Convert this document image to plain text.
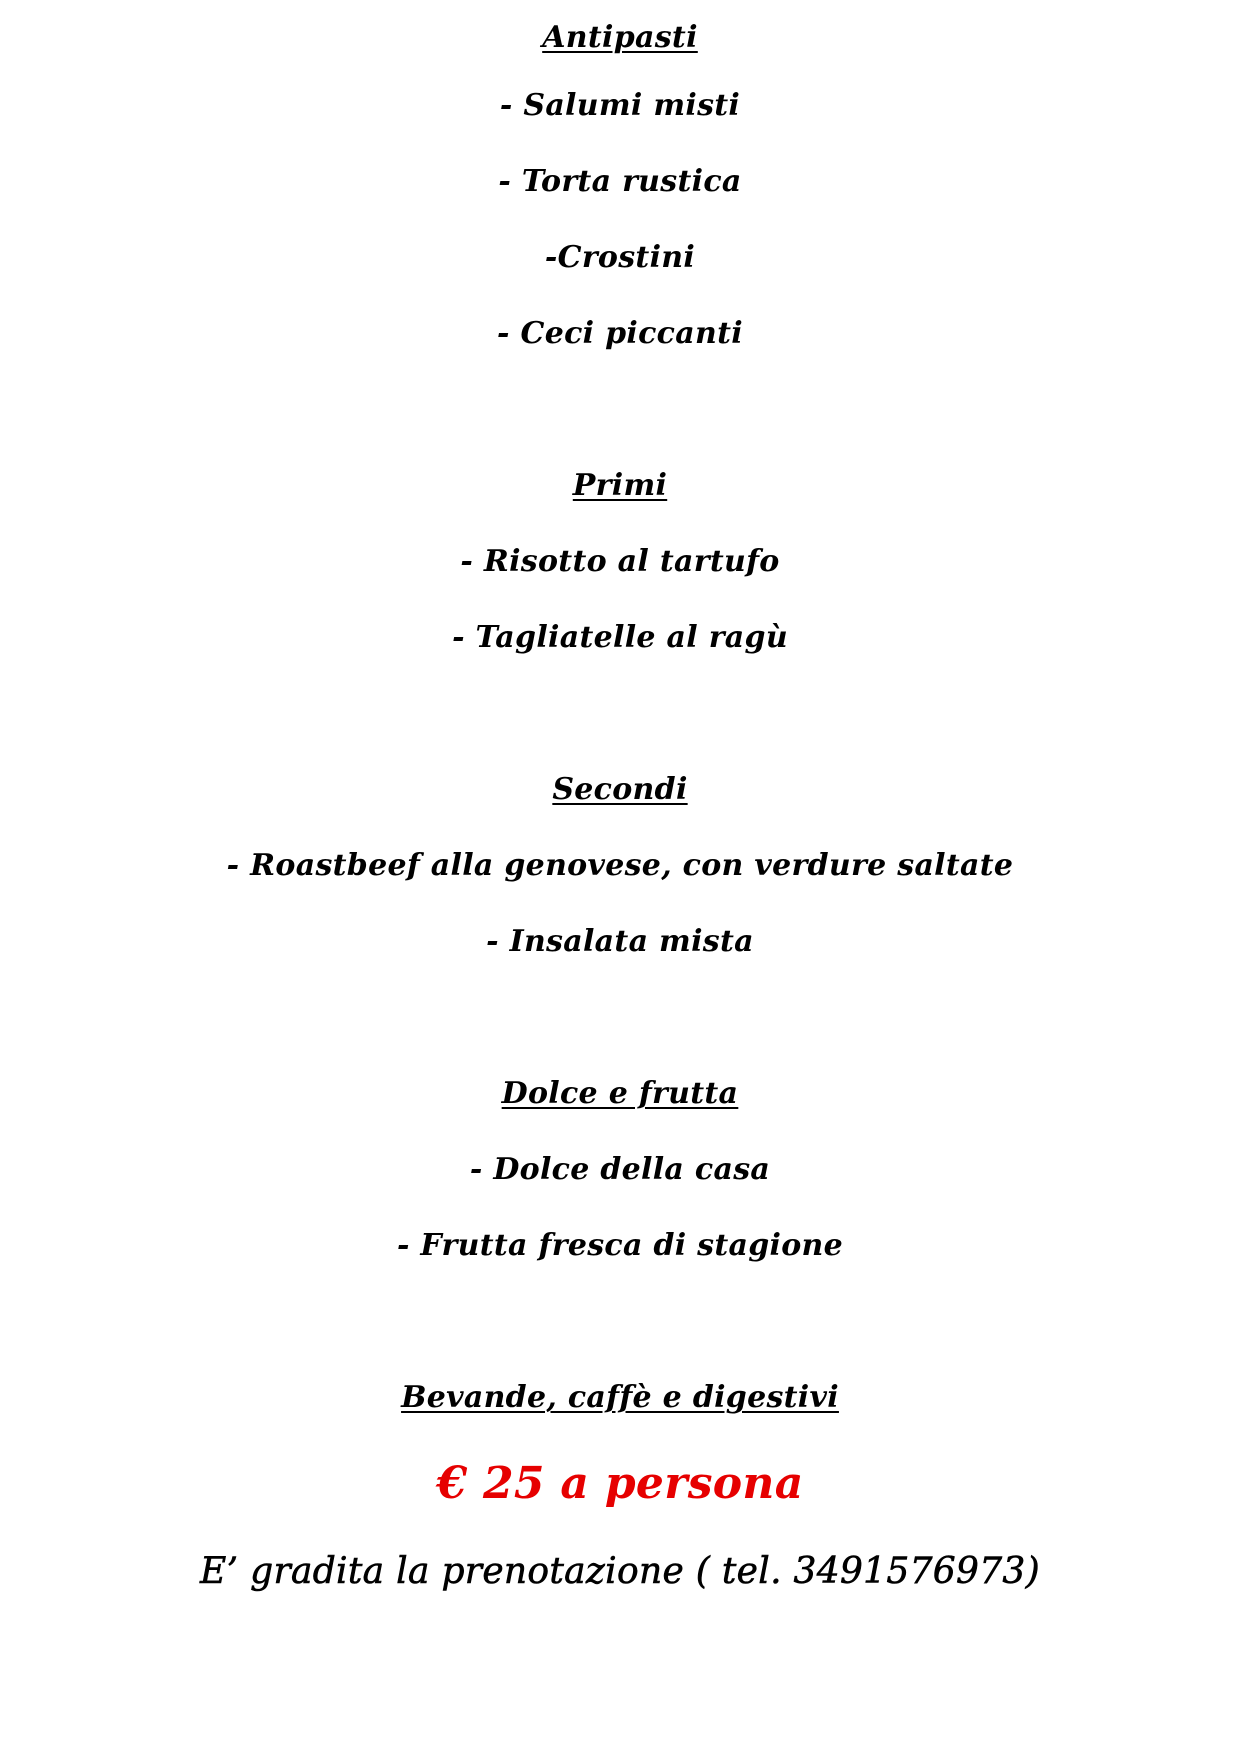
Antipasti
- Salumi misti
- Torta rustica
-Crostini
- Ceci piccanti
Primi
- Risotto al tartufo
- Tagliatelle al ragù
Secondi
- Roastbeef alla genovese, con verdure saltate
- Insalata mista
Dolce e frutta
- Dolce della casa
- Frutta fresca di stagione
Bevande, caffè e digestivi
€ 25 a persona
E’ gradita la prenotazione ( tel. 3491576973)
